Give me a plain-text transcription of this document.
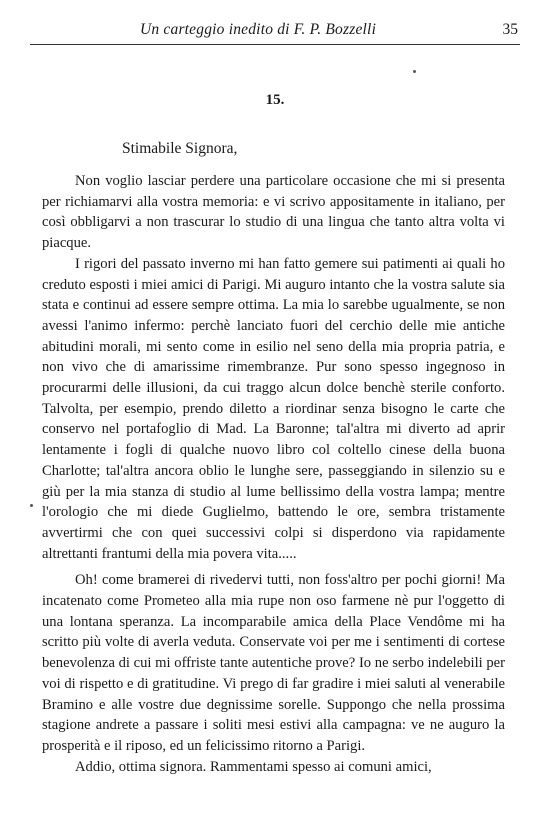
Un carteggio inedito di F. P. Bozzelli	35
15.
Stimabile Signora,

Non voglio lasciar perdere una particolare occasione che mi si presenta per richiamarvi alla vostra memoria: e vi scrivo appositamente in italiano, per così obbligarvi a non trascurar lo studio di una lingua che tanto altra volta vi piacque.

I rigori del passato inverno mi han fatto gemere sui patimenti ai quali ho creduto esposti i miei amici di Parigi. Mi auguro intanto che la vostra salute sia stata e continui ad essere sempre ottima. La mia lo sarebbe ugualmente, se non avessi l'animo infermo: perchè lanciato fuori del cerchio delle mie antiche abitudini morali, mi sento come in esilio nel seno della mia propria patria, e non vivo che di amarissime rimembranze. Pur sono spesso ingegnoso in procurarmi delle illusioni, da cui traggo alcun dolce benchè sterile conforto. Talvolta, per esempio, prendo diletto a riordinar senza bisogno le carte che conservo nel portafoglio di Mad. La Baronne; tal'altra mi diverto ad aprir lentamente i fogli di qualche nuovo libro col coltello cinese della buona Charlotte; tal'altra ancora oblio le lunghe sere, passeggiando in silenzio su e giù per la mia stanza di studio al lume bellissimo della vostra lampa; mentre l'orologio che mi diede Guglielmo, battendo le ore, sembra tristamente avvertirmi che con quei successivi colpi si disperdono via rapidamente altrettanti frantumi della mia povera vita.....

Oh! come bramerei di rivedervi tutti, non foss'altro per pochi giorni! Ma incatenato come Prometeo alla mia rupe non oso farmene nè pur l'oggetto di una lontana speranza. La incomparabile amica della Place Vendôme mi ha scritto più volte di averla veduta. Conservate voi per me i sentimenti di cortese benevolenza di cui mi offriste tante autentiche prove? Io ne serbo indelebili per voi di rispetto e di gratitudine. Vi prego di far gradire i miei saluti al venerabile Bramino e alle vostre due degnissime sorelle. Suppongo che nella prossima stagione andrete a passare i soliti mesi estivi alla campagna: ve ne auguro la prosperità e il riposo, ed un felicissimo ritorno a Parigi.

Addio, ottima signora. Rammentami spesso ai comuni amici,
